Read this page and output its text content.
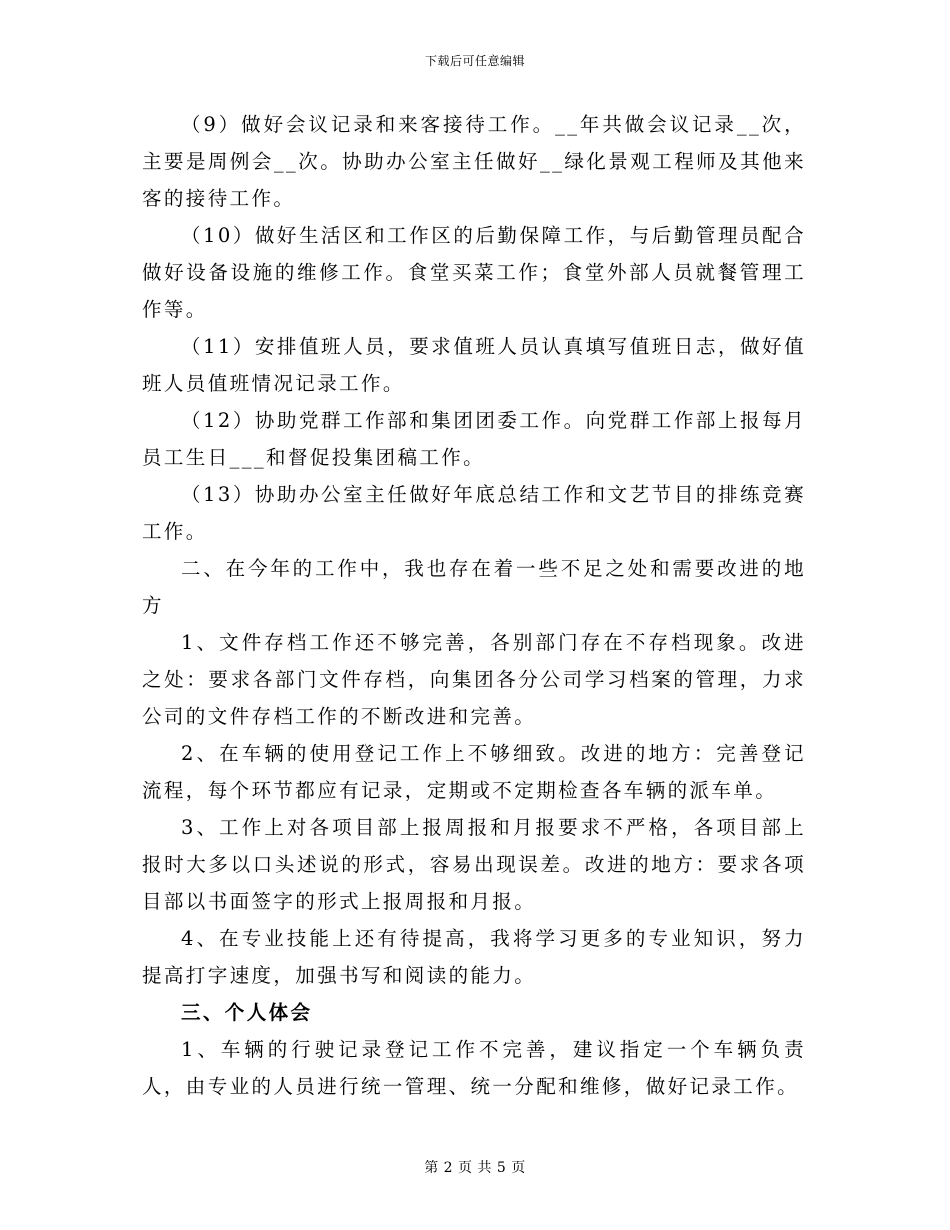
下载后可任意编辑

（9）做好会议记录和来客接待工作。__年共做会议记录__次，主要是周例会__次。协助办公室主任做好__绿化景观工程师及其他来客的接待工作。

（10）做好生活区和工作区的后勤保障工作，与后勤管理员配合做好设备设施的维修工作。食堂买菜工作；食堂外部人员就餐管理工作等。

（11）安排值班人员，要求值班人员认真填写值班日志，做好值班人员值班情况记录工作。

（12）协助党群工作部和集团团委工作。向党群工作部上报每月员工生日___和督促投集团稿工作。

（13）协助办公室主任做好年底总结工作和文艺节目的排练竞赛工作。

二、在今年的工作中，我也存在着一些不足之处和需要改进的地方

1、文件存档工作还不够完善，各别部门存在不存档现象。改进之处：要求各部门文件存档，向集团各分公司学习档案的管理，力求公司的文件存档工作的不断改进和完善。

2、在车辆的使用登记工作上不够细致。改进的地方：完善登记流程，每个环节都应有记录，定期或不定期检查各车辆的派车单。

3、工作上对各项目部上报周报和月报要求不严格，各项目部上报时大多以口头述说的形式，容易出现误差。改进的地方：要求各项目部以书面签字的形式上报周报和月报。

4、在专业技能上还有待提高，我将学习更多的专业知识，努力提高打字速度，加强书写和阅读的能力。

三、个人体会

1、车辆的行驶记录登记工作不完善，建议指定一个车辆负责人，由专业的人员进行统一管理、统一分配和维修，做好记录工作。

第 2 页 共 5 页
